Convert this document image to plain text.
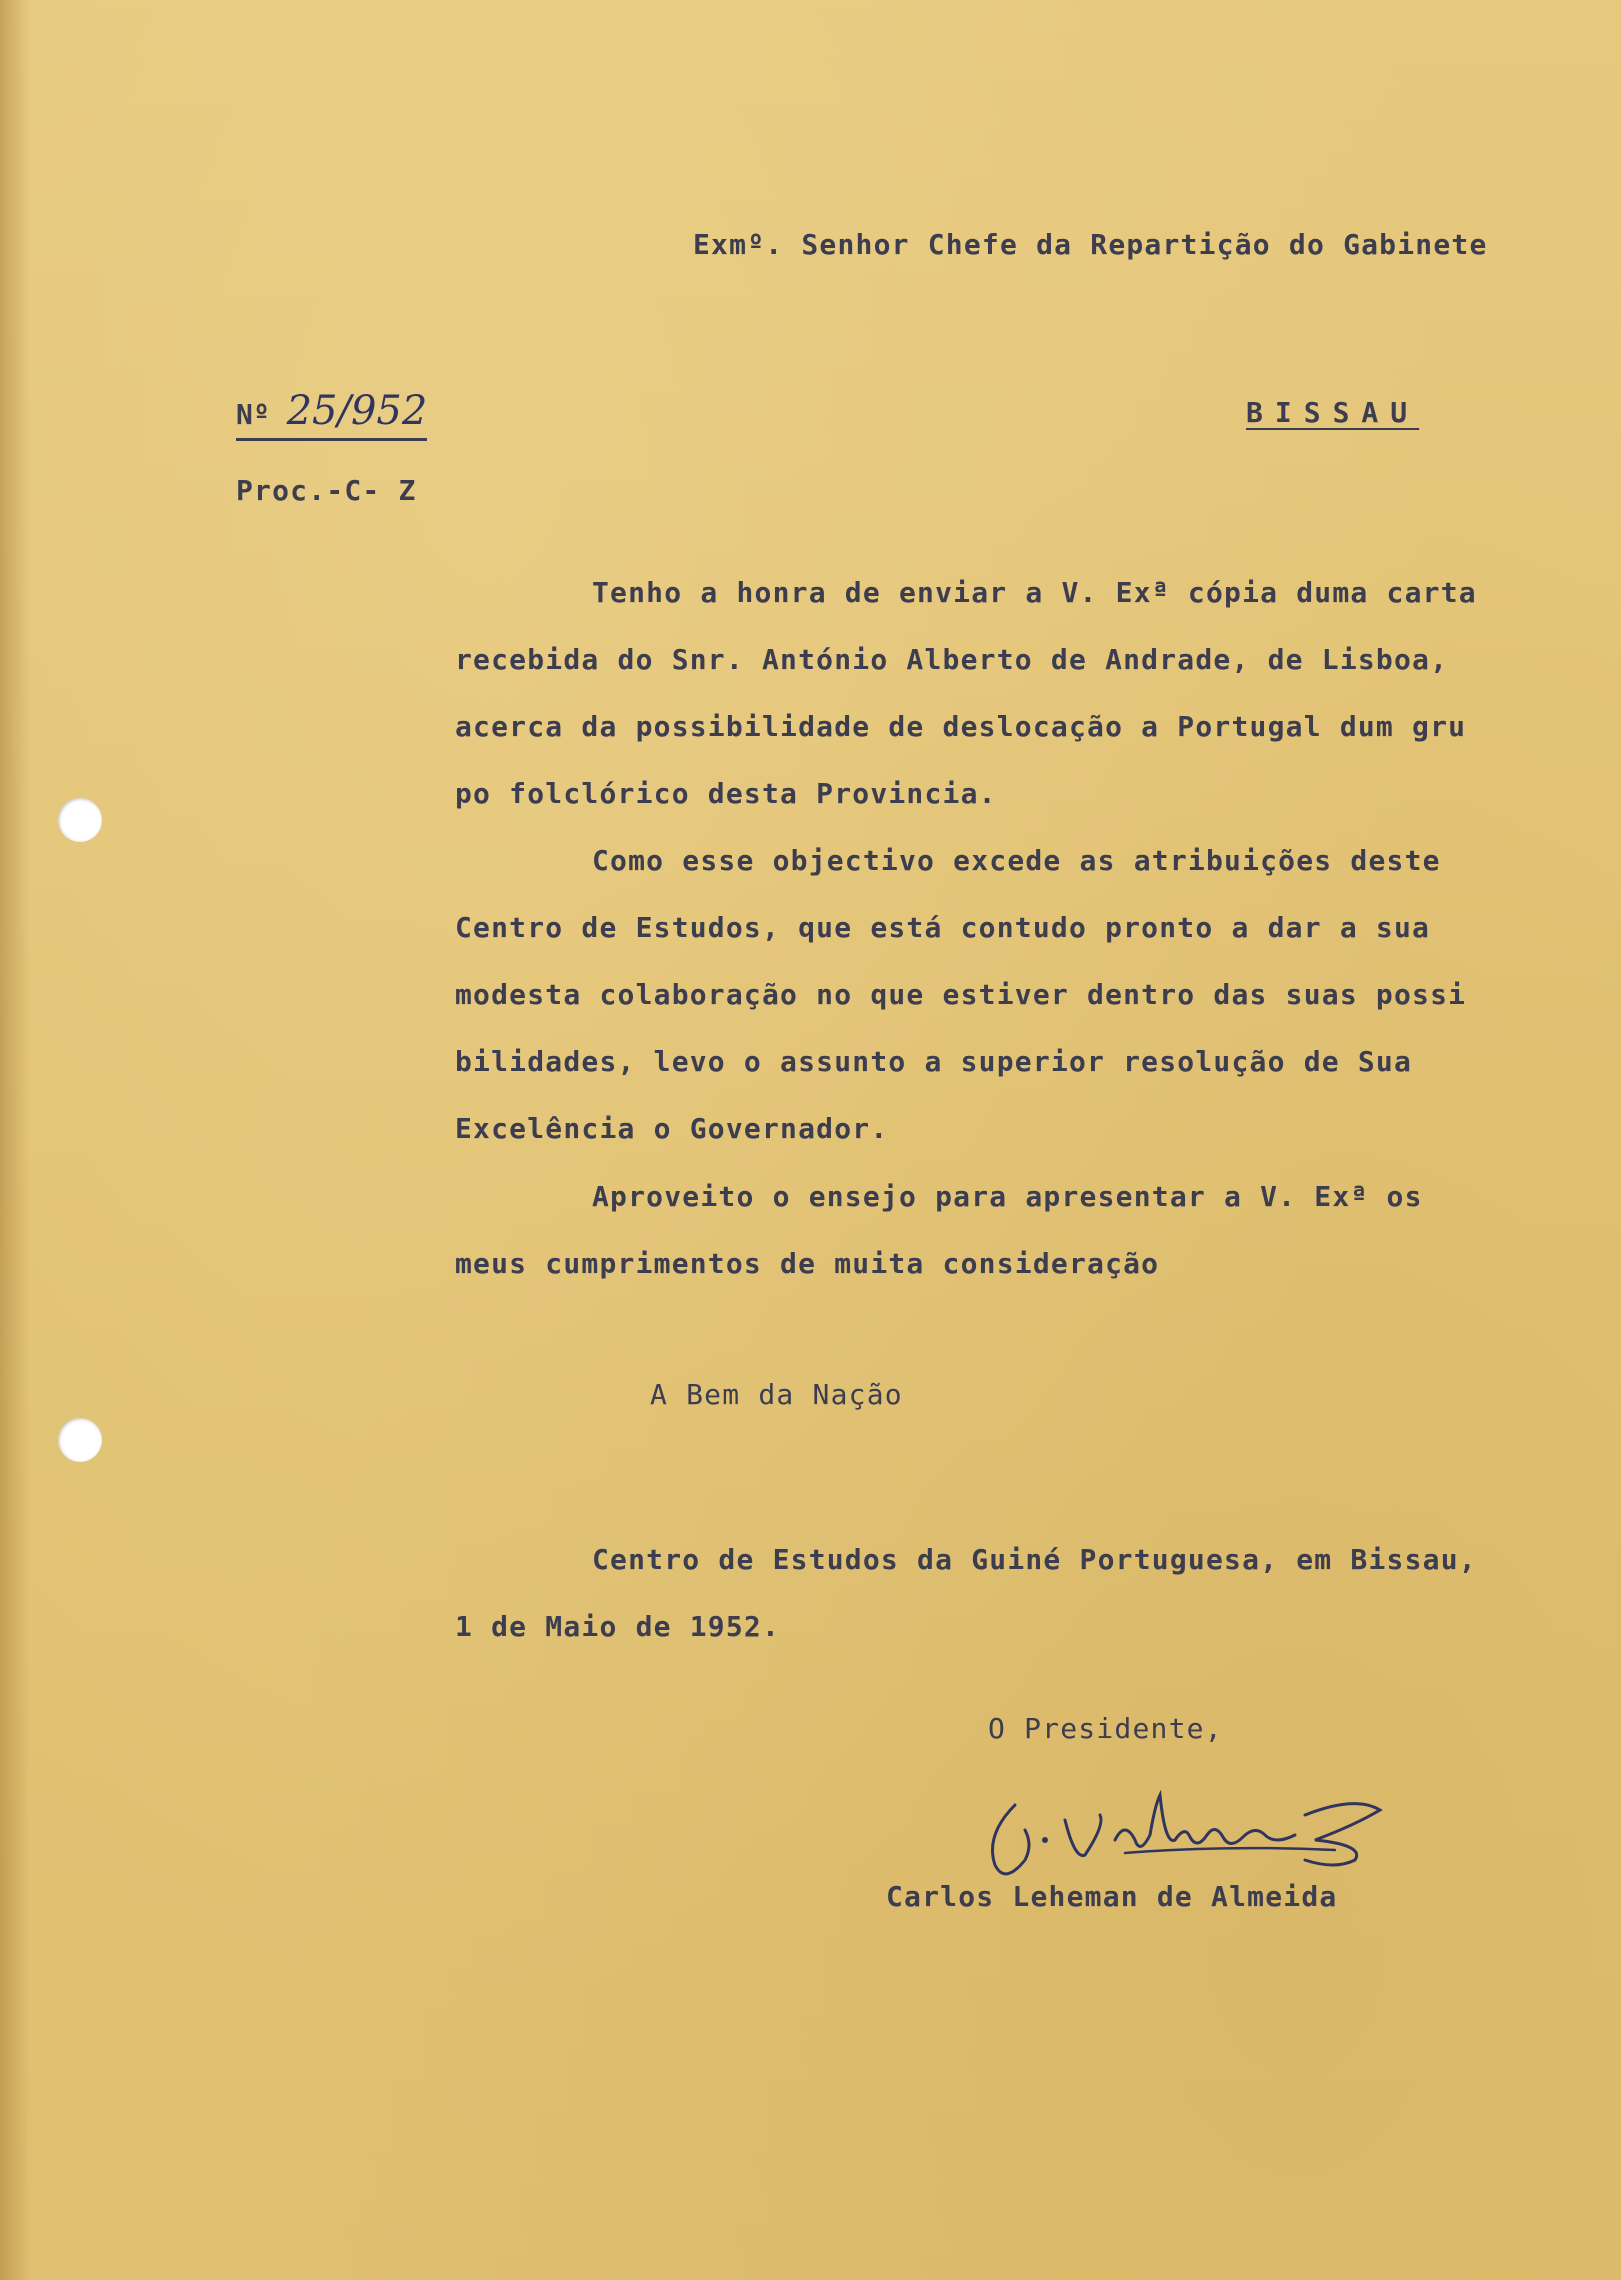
Exmº. Senhor Chefe da Repartição do Gabinete
Nº 25/952
Proc.-C- Z
BISSAU
Tenho a honra de enviar a V. Exª cópia duma carta
recebida do Snr. António Alberto de Andrade, de Lisboa,
acerca da possibilidade de deslocação a Portugal dum gru
po folclórico desta Provincia.
Como esse objectivo excede as atribuições deste
Centro de Estudos, que está contudo pronto a dar a sua
modesta colaboração no que estiver dentro das suas possi
bilidades, levo o assunto a superior resolução de Sua
Excelência o Governador.
Aproveito o ensejo para apresentar a V. Exª os
meus cumprimentos de muita consideração
A Bem da Nação
Centro de Estudos da Guiné Portuguesa, em Bissau,
1 de Maio de 1952.
O Presidente,
Carlos Leheman de Almeida
